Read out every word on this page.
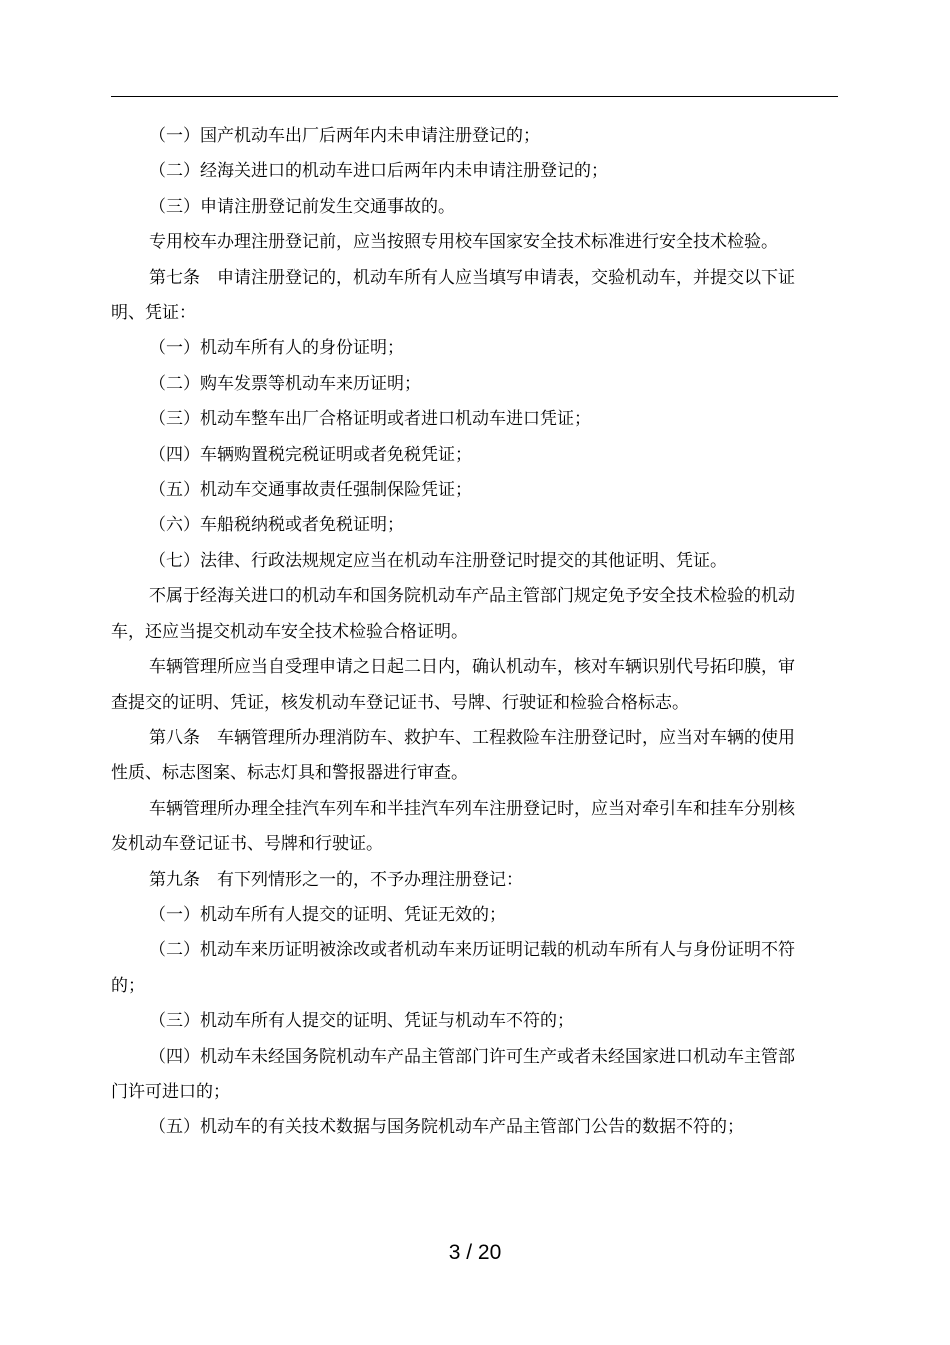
（一）国产机动车出厂后两年内未申请注册登记的；

（二）经海关进口的机动车进口后两年内未申请注册登记的；

（三）申请注册登记前发生交通事故的。

专用校车办理注册登记前，应当按照专用校车国家安全技术标准进行安全技术检验。

第七条　申请注册登记的，机动车所有人应当填写申请表，交验机动车，并提交以下证明、凭证：

（一）机动车所有人的身份证明；

（二）购车发票等机动车来历证明；

（三）机动车整车出厂合格证明或者进口机动车进口凭证；

（四）车辆购置税完税证明或者免税凭证；

（五）机动车交通事故责任强制保险凭证；

（六）车船税纳税或者免税证明；

（七）法律、行政法规规定应当在机动车注册登记时提交的其他证明、凭证。

不属于经海关进口的机动车和国务院机动车产品主管部门规定免予安全技术检验的机动车，还应当提交机动车安全技术检验合格证明。

车辆管理所应当自受理申请之日起二日内，确认机动车，核对车辆识别代号拓印膜，审查提交的证明、凭证，核发机动车登记证书、号牌、行驶证和检验合格标志。

第八条　车辆管理所办理消防车、救护车、工程救险车注册登记时，应当对车辆的使用性质、标志图案、标志灯具和警报器进行审查。

车辆管理所办理全挂汽车列车和半挂汽车列车注册登记时，应当对牵引车和挂车分别核发机动车登记证书、号牌和行驶证。

第九条　有下列情形之一的，不予办理注册登记：

（一）机动车所有人提交的证明、凭证无效的；

（二）机动车来历证明被涂改或者机动车来历证明记载的机动车所有人与身份证明不符的；

（三）机动车所有人提交的证明、凭证与机动车不符的；

（四）机动车未经国务院机动车产品主管部门许可生产或者未经国家进口机动车主管部门许可进口的；

（五）机动车的有关技术数据与国务院机动车产品主管部门公告的数据不符的；

3 / 20
